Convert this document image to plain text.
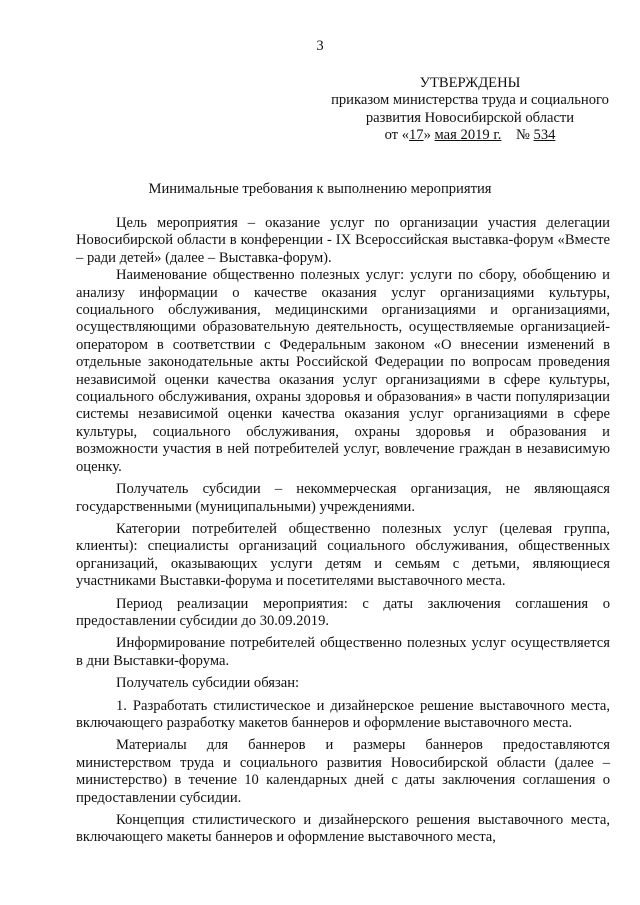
3
УТВЕРЖДЕНЫ
приказом министерства труда и социального
развития Новосибирской области
от «17» мая 2019 г. № 534
Минимальные требования к выполнению мероприятия

Цель мероприятия – оказание услуг по организации участия делегации Новосибирской области в конференции - IX Всероссийская выставка-форум «Вместе – ради детей» (далее – Выставка-форум).

Наименование общественно полезных услуг: услуги по сбору, обобщению и анализу информации о качестве оказания услуг организациями культуры, социального обслуживания, медицинскими организациями и организациями, осуществляющими образовательную деятельность, осуществляемые организацией-оператором в соответствии с Федеральным законом «О внесении изменений в отдельные законодательные акты Российской Федерации по вопросам проведения независимой оценки качества оказания услуг организациями в сфере культуры, социального обслуживания, охраны здоровья и образования» в части популяризации системы независимой оценки качества оказания услуг организациями в сфере культуры, социального обслуживания, охраны здоровья и образования и возможности участия в ней потребителей услуг, вовлечение граждан в независимую оценку.

Получатель субсидии – некоммерческая организация, не являющаяся государственными (муниципальными) учреждениями.

Категории потребителей общественно полезных услуг (целевая группа, клиенты): специалисты организаций социального обслуживания, общественных организаций, оказывающих услуги детям и семьям с детьми, являющиеся участниками Выставки-форума и посетителями выставочного места.

Период реализации мероприятия: с даты заключения соглашения о предоставлении субсидии до 30.09.2019.

Информирование потребителей общественно полезных услуг осуществляется в дни Выставки-форума.

Получатель субсидии обязан:

1. Разработать стилистическое и дизайнерское решение выставочного места, включающего разработку макетов баннеров и оформление выставочного места.

Материалы для баннеров и размеры баннеров предоставляются министерством труда и социального развития Новосибирской области (далее – министерство) в течение 10 календарных дней с даты заключения соглашения о предоставлении субсидии.

Концепция стилистического и дизайнерского решения выставочного места, включающего макеты баннеров и оформление выставочного места,
